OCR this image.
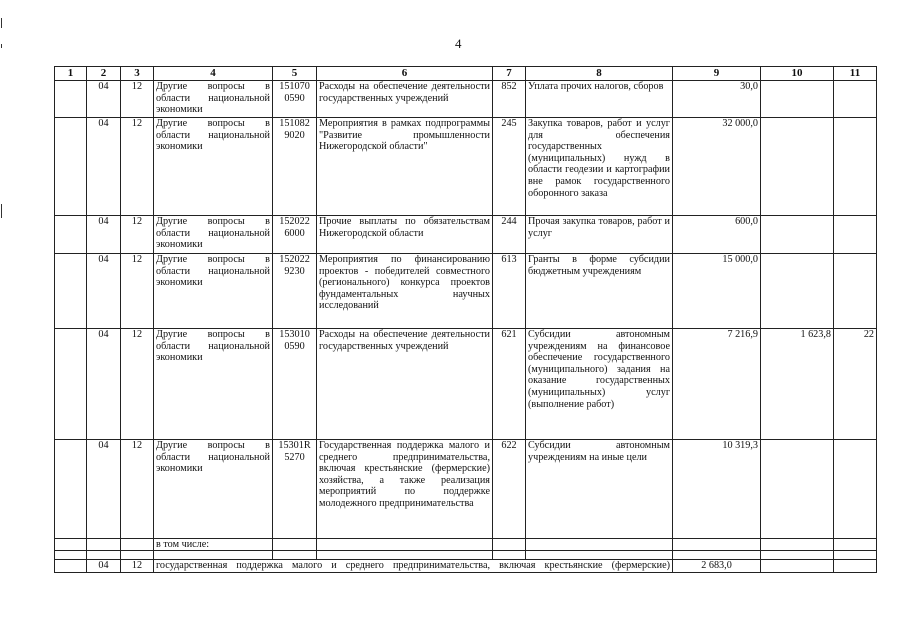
4
1	2	3	4	5	6	7	8	9	10	11
	04	12	Другие вопросы в области национальной экономики	151070 0590	Расходы на обеспечение деятельности государственных учреждений	852	Уплата прочих налогов, сборов	30,0		
	04	12	Другие вопросы в области национальной экономики	151082 9020	Мероприятия в рамках подпрограммы "Развитие промышленности Нижегородской области"	245	Закупка товаров, работ и услуг для обеспечения государственных (муниципальных) нужд в области геодезии и картографии вне рамок государственного оборонного заказа	32 000,0		
	04	12	Другие вопросы в области национальной экономики	152022 6000	Прочие выплаты по обязательствам Нижегородской области	244	Прочая закупка товаров, работ и услуг	600,0		
	04	12	Другие вопросы в области национальной экономики	152022 9230	Мероприятия по финансированию проектов - победителей совместного (регионального) конкурса проектов фундаментальных научных исследований	613	Гранты в форме субсидии бюджетным учреждениям	15 000,0		
	04	12	Другие вопросы в области национальной экономики	153010 0590	Расходы на обеспечение деятельности государственных учреждений	621	Субсидии автономным учреждениям на финансовое обеспечение государственного (муниципального) задания на оказание государственных (муниципальных) услуг (выполнение работ)	7 216,9	1 623,8	22
	04	12	Другие вопросы в области национальной экономики	15301R 5270	Государственная поддержка малого и среднего предпринимательства, включая крестьянские (фермерские) хозяйства, а также реализация мероприятий по поддержке молодежного предпринимательства	622	Субсидии автономным учреждениям на иные цели	10 319,3		
			в том числе:							

	04	12	государственная поддержка малого и среднего предпринимательства, включая крестьянские (фермерские)					2 683,0		
